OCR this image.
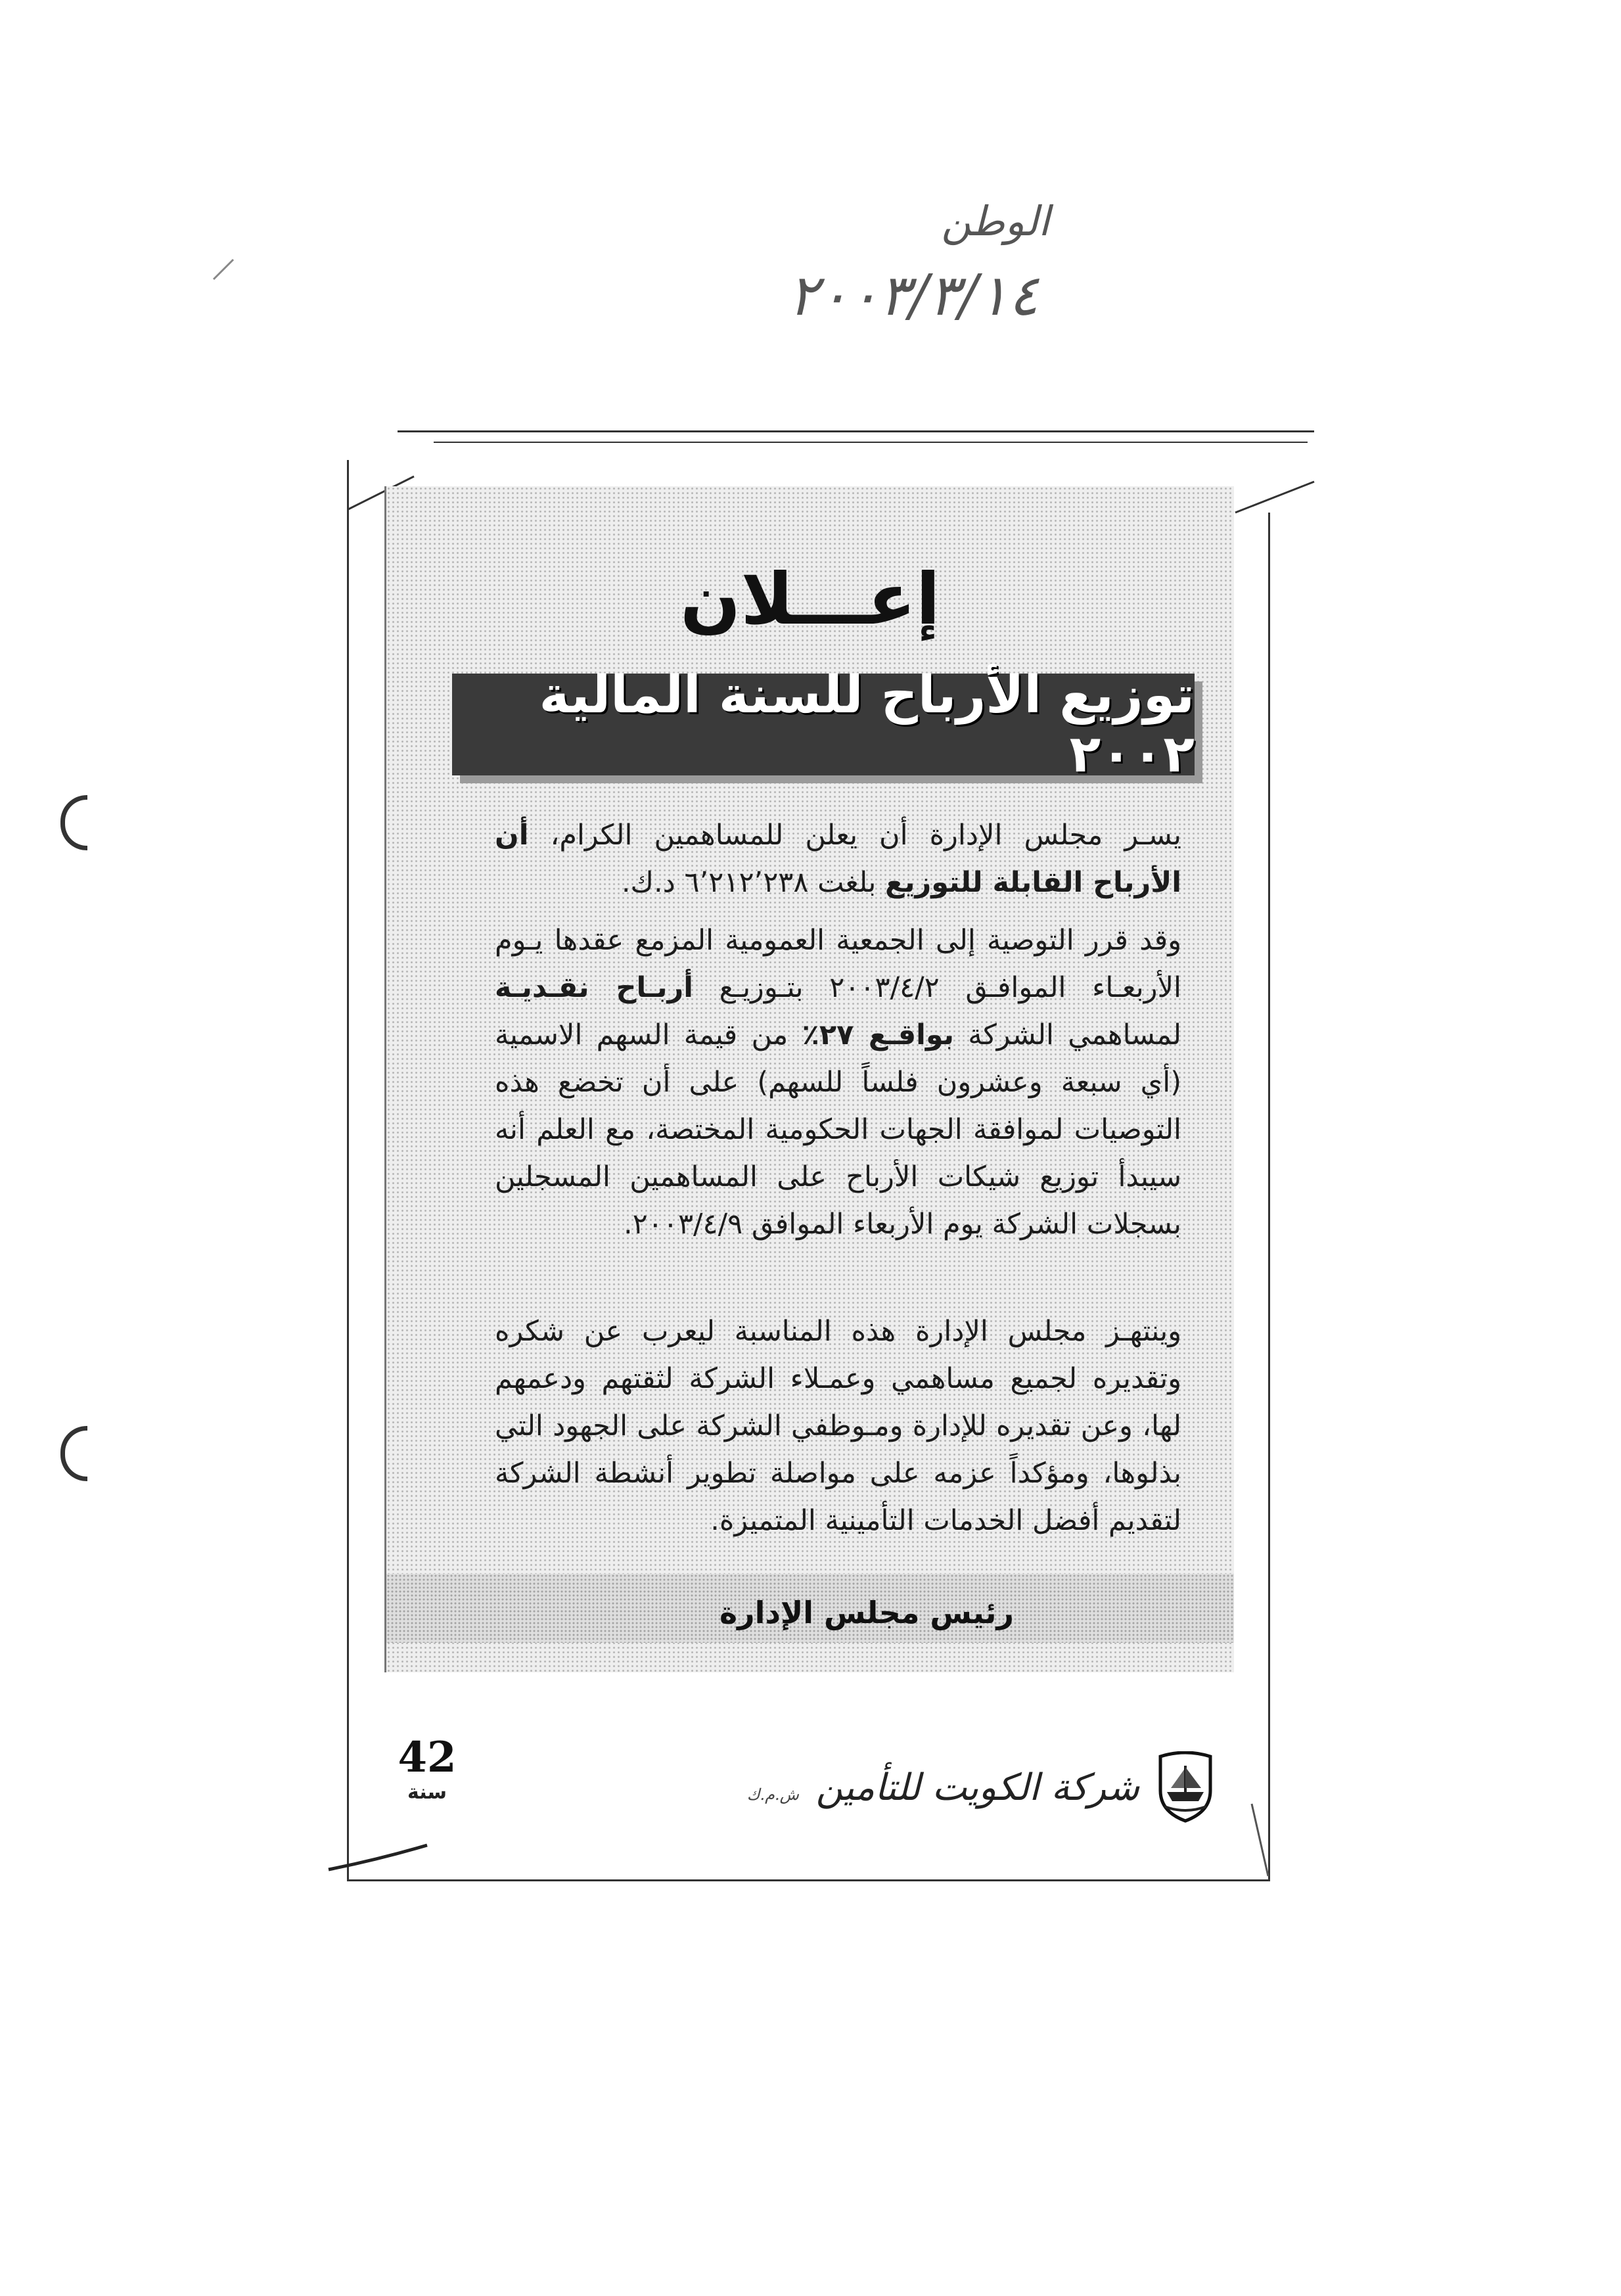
الوطن
٢٠٠٣/٣/١٤
إعـــلان
توزيع الأرباح للسنة المالية ٢٠٠٢
يسـر مجلس الإدارة أن يعلن للمساهمين الكرام، أن الأرباح القابلة للتوزيع بلغت ٦٬٢١٢٬٢٣٨ د.ك.
وقد قرر التوصية إلى الجمعية العمومية المزمع عقدها يـوم الأربعـاء الموافـق ٢٠٠٣/٤/٢ بتـوزيـع أربـاح نقـديـة لمساهمي الشركة بواقـع ٢٧٪ من قيمة السهم الاسمية (أي سبعة وعشرون فلساً للسهم) على أن تخضع هذه التوصيات لموافقة الجهات الحكومية المختصة، مع العلم أنه سيبدأ توزيع شيكات الأرباح على المساهمين المسجلين بسجلات الشركة يوم الأربعاء الموافق ٢٠٠٣/٤/٩.
وينتهـز مجلس الإدارة هذه المناسبة ليعرب عن شكره وتقديره لجميع مساهمي وعمـلاء الشركة لثقتهم ودعمهم لها، وعن تقديره للإدارة ومـوظفي الشركة على الجهود التي بذلوها، ومؤكداً عزمه على مواصلة تطوير أنشطة الشركة لتقديم أفضل الخدمات التأمينية المتميزة.
رئيس مجلس الإدارة
شركة الكويت للتأمين ش.م.ك
42
سنة
